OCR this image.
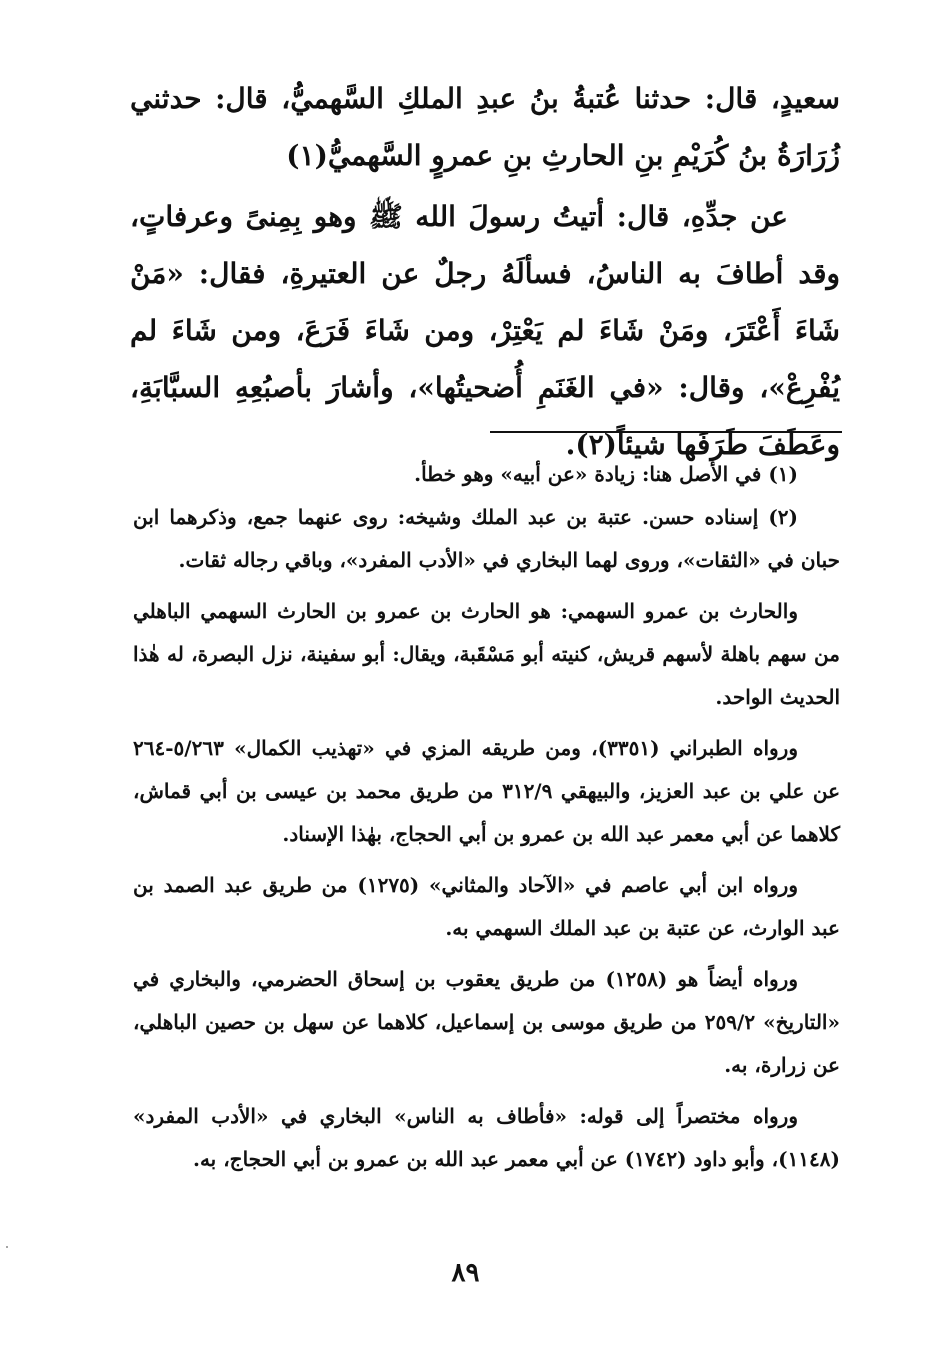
سعيدٍ، قال: حدثنا عُتبةُ بنُ عبدِ الملكِ السَّهميُّ، قال: حدثني زُرَارَةُ بنُ كُرَيْمِ بنِ الحارثِ بنِ عمروٍ السَّهميُّ(١)

عن جدِّهِ، قال: أتيتُ رسولَ الله ﷺ وهو بِمِنىً وعرفاتٍ، وقد أطافَ به الناسُ، فسألَهُ رجلٌ عن العتيرةِ، فقال: «مَنْ شَاءَ أَعْتَرَ، ومَنْ شَاءَ لم يَعْتِرْ، ومن شَاءَ فَرَعَ، ومن شَاءَ لم يُفْرِعْ»، وقال: «في الغَنَمِ أُضحيتُها»، وأشارَ بأصبُعِهِ السبَّابَةِ، وعَطَفَ طَرَفَها شيئاً(٢).

(١) في الأصل هنا: زيادة «عن أبيه» وهو خطأ.

(٢) إسناده حسن. عتبة بن عبد الملك وشيخه: روى عنهما جمع، وذكرهما ابن حبان في «الثقات»، وروى لهما البخاري في «الأدب المفرد»، وباقي رجاله ثقات.

والحارث بن عمرو السهمي: هو الحارث بن عمرو بن الحارث السهمي الباهلي من سهم باهلة لأسهم قريش، كنيته أبو مَسْقَبة، ويقال: أبو سفينة، نزل البصرة، له هٰذا الحديث الواحد.

ورواه الطبراني (٣٣٥١)، ومن طريقه المزي في «تهذيب الكمال» ٥/٢٦٣-٢٦٤ عن علي بن عبد العزيز، والبيهقي ٣١٢/٩ من طريق محمد بن عيسى بن أبي قماش، كلاهما عن أبي معمر عبد الله بن عمرو بن أبي الحجاج، بهٰذا الإسناد.

ورواه ابن أبي عاصم في «الآحاد والمثاني» (١٢٧٥) من طريق عبد الصمد بن عبد الوارث، عن عتبة بن عبد الملك السهمي به.

ورواه أيضاً هو (١٢٥٨) من طريق يعقوب بن إسحاق الحضرمي، والبخاري في «التاريخ» ٢٥٩/٢ من طريق موسى بن إسماعيل، كلاهما عن سهل بن حصين الباهلي، عن زرارة، به.

ورواه مختصراً إلى قوله: «فأطاف به الناس» البخاري في «الأدب المفرد» (١١٤٨)، وأبو داود (١٧٤٢) عن أبي معمر عبد الله بن عمرو بن أبي الحجاج، به.

٨٩
